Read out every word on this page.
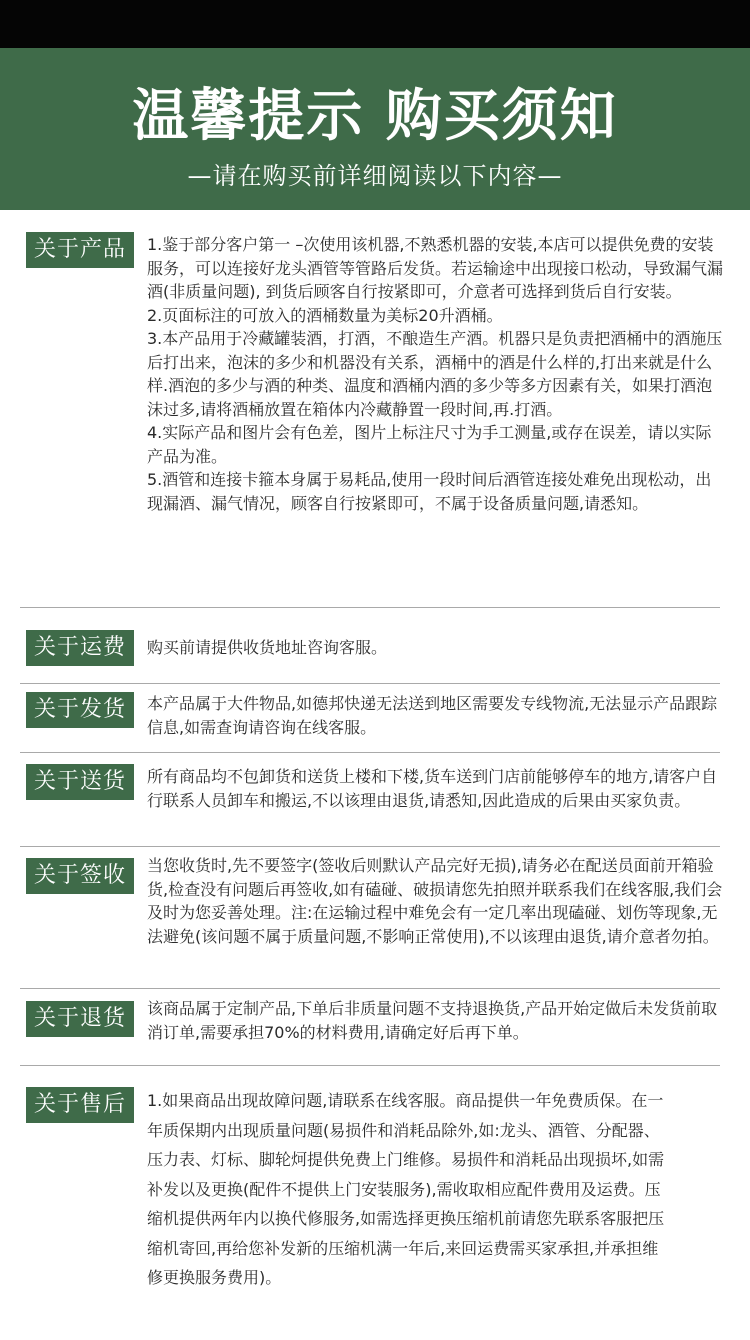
温馨提示 购买须知
—请在购买前详细阅读以下内容—
关于产品	1.鉴于部分客户第一 –次使用该机器,不熟悉机器的安装,本店可以提供免费的安装服务，可以连接好龙头酒管等管路后发货。若运输途中出现接口松动，导致漏气漏酒(非质量问题), 到货后顾客自行按紧即可，介意者可选择到货后自行安装。

2.页面标注的可放入的酒桶数量为美标20升酒桶。

3.本产品用于冷藏罐装酒，打酒，不酿造生产酒。机器只是负责把酒桶中的酒施压后打出来，泡沫的多少和机器没有关系，酒桶中的酒是什么样的,打出来就是什么样.酒泡的多少与酒的种类、温度和酒桶内酒的多少等多方因素有关，如果打酒泡沫过多,请将酒桶放置在箱体内冷藏静置一段时间,再.打酒。

4.实际产品和图片会有色差，图片上标注尺寸为手工测量,或存在误差，请以实际产品为准。

5.酒管和连接卡箍本身属于易耗品,使用一段时间后酒管连接处难免出现松动，出现漏酒、漏气情况，顾客自行按紧即可，不属于设备质量问题,请悉知。

关于运费	购买前请提供收货地址咨询客服。

关于发货	本产品属于大件物品,如德邦快递无法送到地区需要发专线物流,无法显示产品跟踪信息,如需查询请咨询在线客服。

关于送货	所有商品均不包卸货和送货上楼和下楼,货车送到门店前能够停车的地方,请客户自行联系人员卸车和搬运,不以该理由退货,请悉知,因此造成的后果由买家负责。

关于签收	当您收货时,先不要签字(签收后则默认产品完好无损),请务必在配送员面前开箱验货,检查没有问题后再签收,如有磕碰、破损请您先拍照并联系我们在线客服,我们会及时为您妥善处理。注:在运输过程中难免会有一定几率出现磕碰、划伤等现象,无法避免(该问题不属于质量问题,不影响正常使用),不以该理由退货,请介意者勿拍。

关于退货	该商品属于定制产品,下单后非质量问题不支持退换货,产品开始定做后未发货前取消订单,需要承担70%的材料费用,请确定好后再下单。

关于售后	1.如果商品出现故障问题,请联系在线客服。商品提供一年免费质保。在一年质保期内出现质量问题(易损件和消耗品除外,如:龙头、酒管、分配器、压力表、灯标、脚轮炣提供免费上门维修。易损件和消耗品出现损坏,如需补发以及更换(配件不提供上门安装服务),需收取相应配件费用及运费。压缩机提供两年内以换代修服务,如需选择更换压缩机前请您先联系客服把压缩机寄回,再给您补发新的压缩机满一年后,来回运费需买家承担,并承担维修更换服务费用)。
